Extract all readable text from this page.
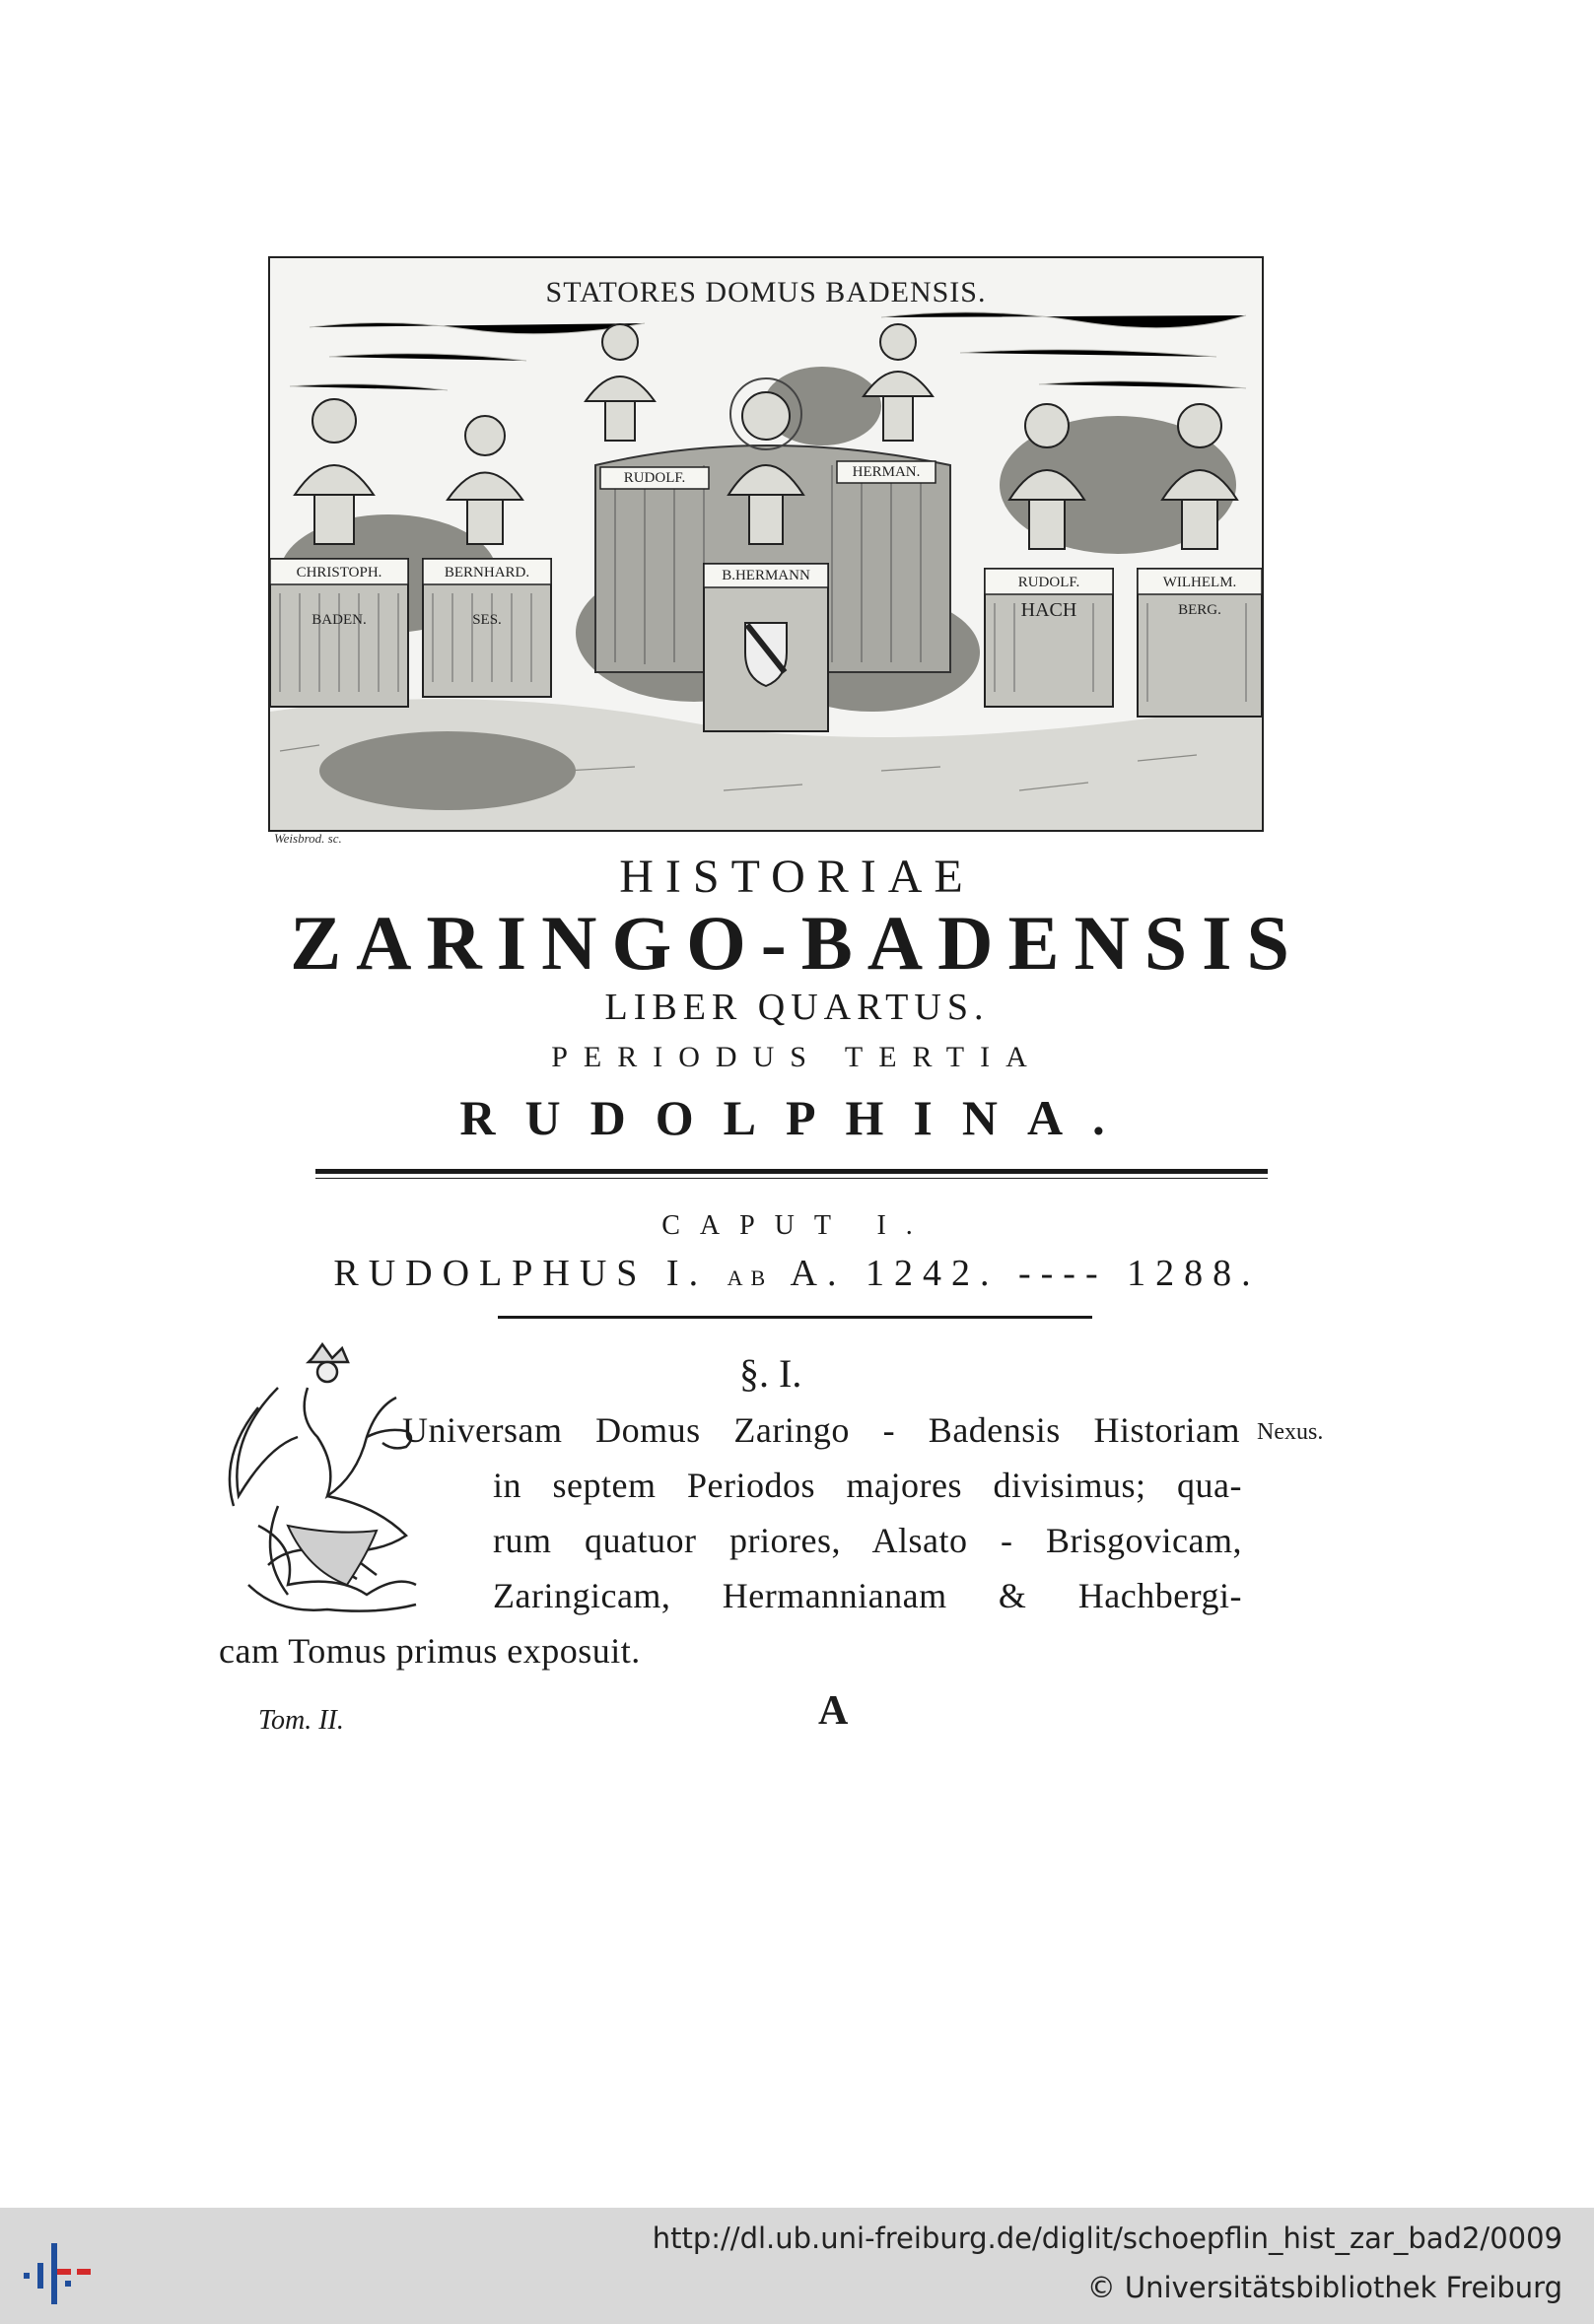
STATORES DOMUS BADENSIS.
CHRISTOPH.
BADEN.
BERNHARD.
SES.
RUDOLF.
B.HERMANN
HERMAN.
RUDOLF.
HACH
WILHELM.
BERG.
Weisbrod. sc.
HISTORIAE
ZARINGO-BADENSIS
LIBER QUARTUS.
PERIODUS TERTIA
RUDOLPHINA.
CAPUT I.
RUDOLPHUS I. AB A. 1242. ---- 1288.
§. I.
Universam Domus Zaringo - Badensis Historiam Nexus.
in septem Periodos majores divisimus; qua-
rum quatuor priores, Alsato - Brisgovicam,
Zaringicam, Hermannianam & Hachbergi-
cam Tomus primus exposuit.
Tom. II.	A
http://dl.ub.uni-freiburg.de/diglit/schoepflin_hist_zar_bad2/0009
© Universitätsbibliothek Freiburg
